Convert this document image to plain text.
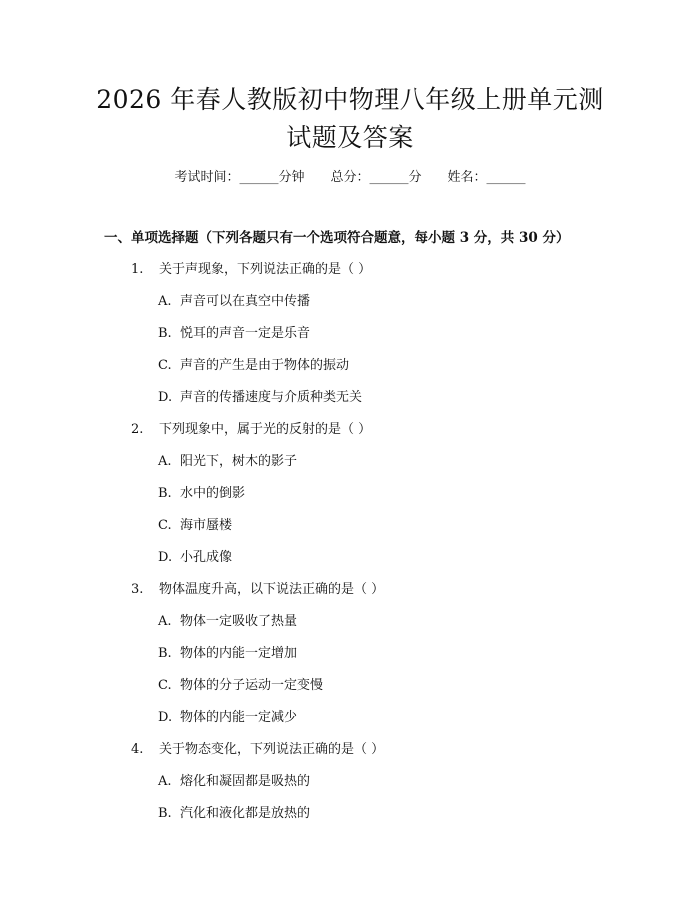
2026 年春人教版初中物理八年级上册单元测
试题及答案
考试时间：______分钟 总分：______分 姓名：______
一、单项选择题（下列各题只有一个选项符合题意，每小题 3 分，共 30 分）
1. 关于声现象，下列说法正确的是（ ）
A. 声音可以在真空中传播
B. 悦耳的声音一定是乐音
C. 声音的产生是由于物体的振动
D. 声音的传播速度与介质种类无关
2. 下列现象中，属于光的反射的是（ ）
A. 阳光下，树木的影子
B. 水中的倒影
C. 海市蜃楼
D. 小孔成像
3. 物体温度升高，以下说法正确的是（ ）
A. 物体一定吸收了热量
B. 物体的内能一定增加
C. 物体的分子运动一定变慢
D. 物体的内能一定减少
4. 关于物态变化，下列说法正确的是（ ）
A. 熔化和凝固都是吸热的
B. 汽化和液化都是放热的
